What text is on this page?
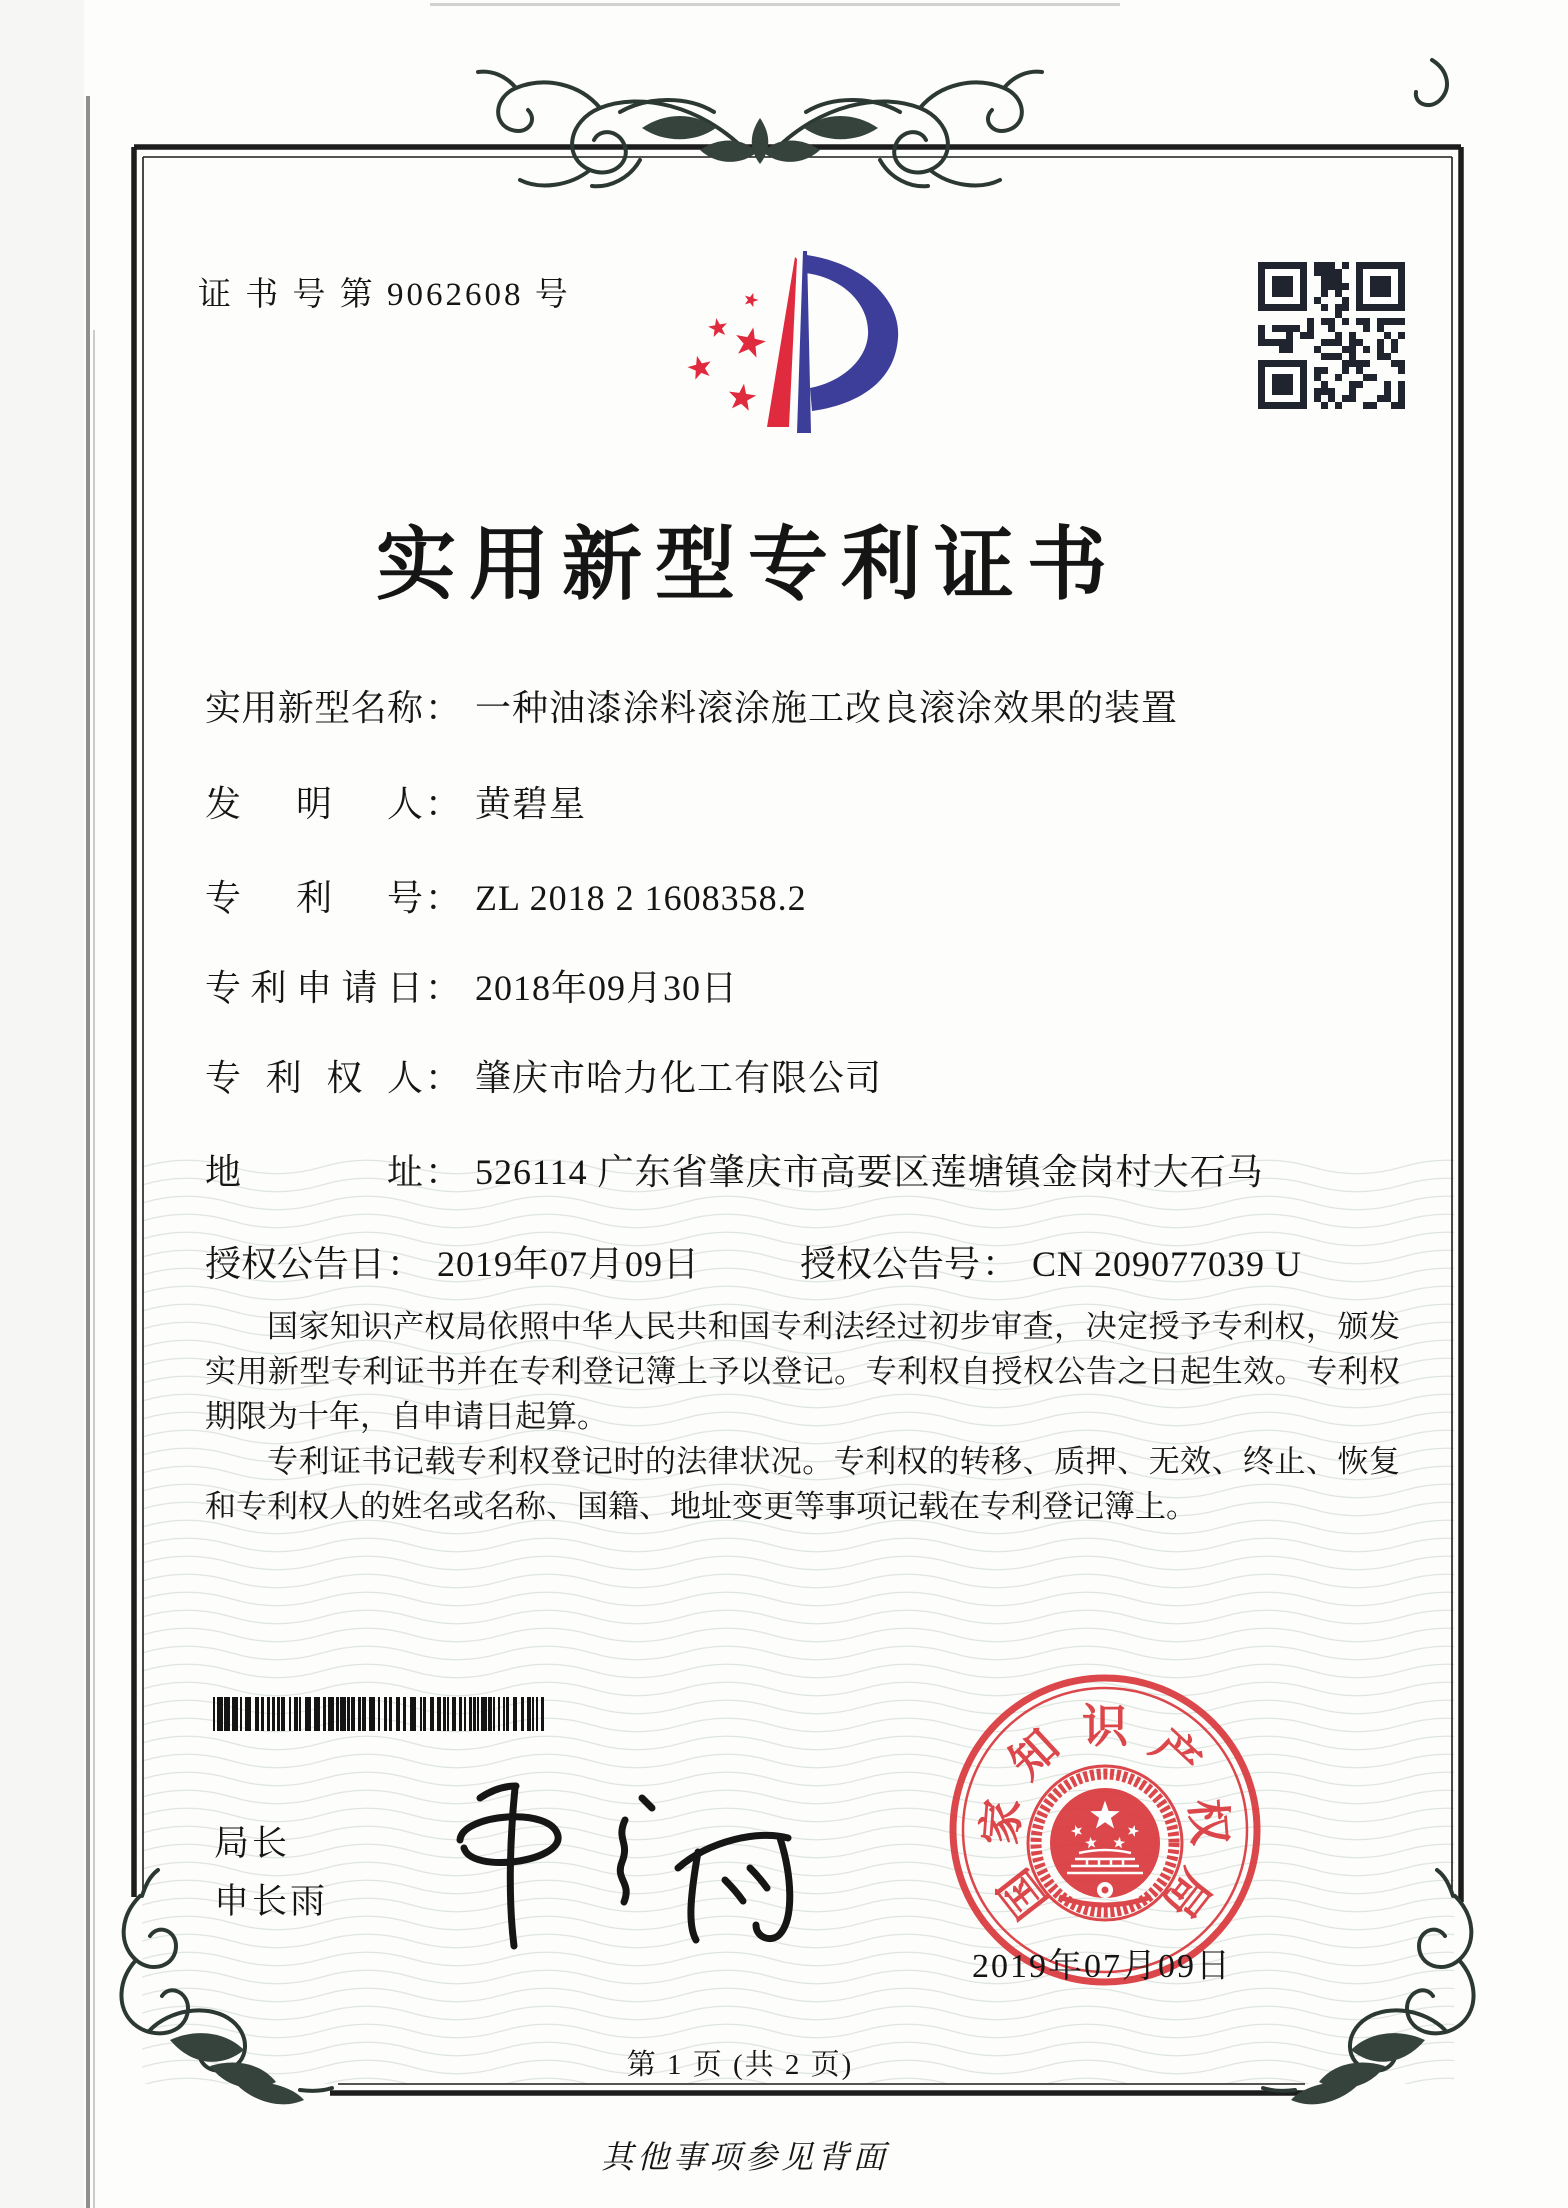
证 书 号 第 9062608 号
实用新型专利证书
实用新型名称： 一种油漆涂料滚涂施工改良滚涂效果的装置
发明人： 黄碧星
专利号： ZL 2018 2 1608358.2
专利申请日： 2018年09月30日
专利权人： 肇庆市哈力化工有限公司
地址： 526114 广东省肇庆市高要区莲塘镇金岗村大石马
授权公告日： 2019年07月09日	授权公告号： CN 209077039 U

国家知识产权局依照中华人民共和国专利法经过初步审查，决定授予专利权，颁发实用新型专利证书并在专利登记簿上予以登记。专利权自授权公告之日起生效。专利权期限为十年，自申请日起算。

专利证书记载专利权登记时的法律状况。专利权的转移、质押、无效、终止、恢复和专利权人的姓名或名称、国籍、地址变更等事项记载在专利登记簿上。

局长
申长雨	国
家
知 识 产
权
局
2019年07月09日
第 1 页 (共 2 页)
其他事项参见背面
